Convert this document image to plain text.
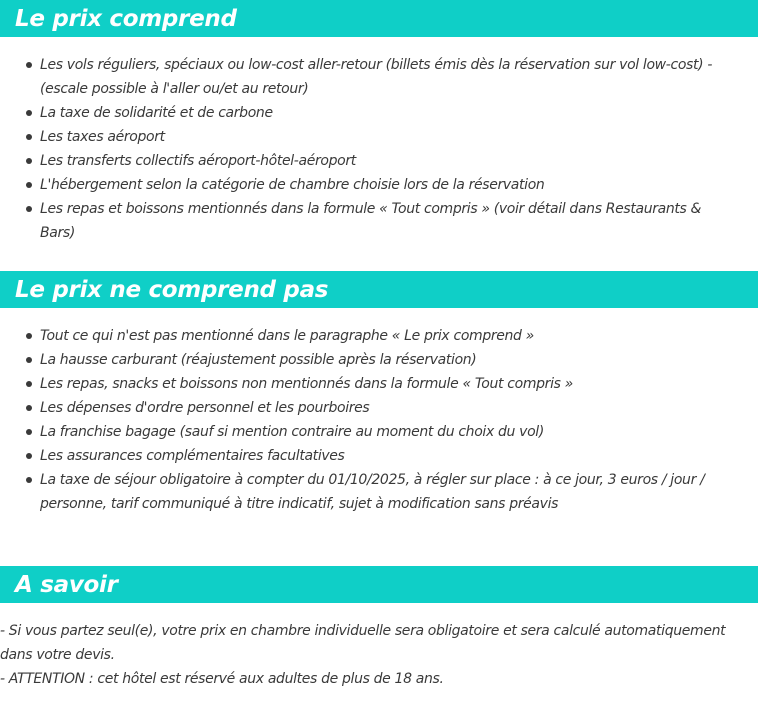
Le prix comprend
Les vols réguliers, spéciaux ou low-cost aller-retour (billets émis dès la réservation sur vol low-cost) - (escale possible à l'aller ou/et au retour)
La taxe de solidarité et de carbone
Les taxes aéroport
Les transferts collectifs aéroport-hôtel-aéroport
L'hébergement selon la catégorie de chambre choisie lors de la réservation
Les repas et boissons mentionnés dans la formule « Tout compris » (voir détail dans Restaurants & Bars)
Le prix ne comprend pas
Tout ce qui n'est pas mentionné dans le paragraphe « Le prix comprend »
La hausse carburant (réajustement possible après la réservation)
Les repas, snacks et boissons non mentionnés dans la formule « Tout compris »
Les dépenses d'ordre personnel et les pourboires
La franchise bagage (sauf si mention contraire au moment du choix du vol)
Les assurances complémentaires facultatives
La taxe de séjour obligatoire à compter du 01/10/2025, à régler sur place : à ce jour, 3 euros / jour / personne, tarif communiqué à titre indicatif, sujet à modification sans préavis
A savoir

- Si vous partez seul(e), votre prix en chambre individuelle sera obligatoire et sera calculé automatiquement dans votre devis.

- ATTENTION : cet hôtel est réservé aux adultes de plus de 18 ans.
